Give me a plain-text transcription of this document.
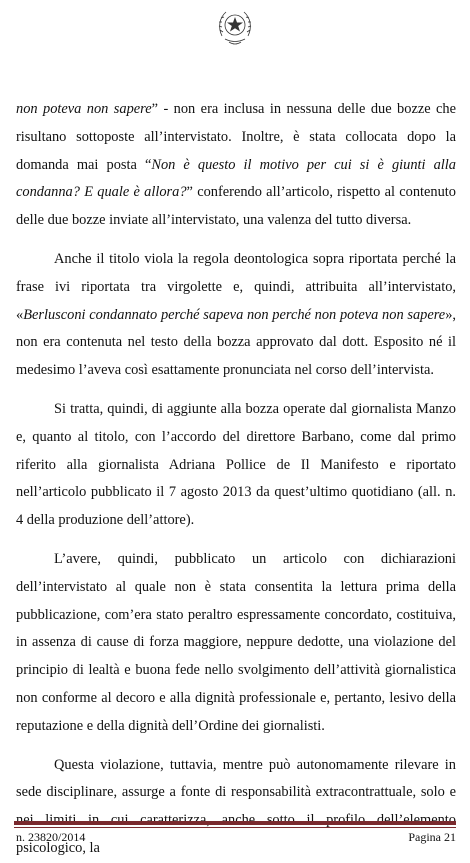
non poteva non sapere” - non era inclusa in nessuna delle due bozze che risultano sottoposte all’intervistato. Inoltre, è stata collocata dopo la domanda mai posta “Non è questo il motivo per cui si è giunti alla condanna? E quale è allora?” conferendo all’articolo, rispetto al contenuto delle due bozze inviate all’intervistato, una valenza del tutto diversa.

Anche il titolo viola la regola deontologica sopra riportata perché la frase ivi riportata tra virgolette e, quindi, attribuita all’intervistato, «Berlusconi condannato perché sapeva non perché non poteva non sapere», non era contenuta nel testo della bozza approvato dal dott. Esposito né il medesimo l’aveva così esattamente pronunciata nel corso dell’intervista.

Si tratta, quindi, di aggiunte alla bozza operate dal giornalista Manzo e, quanto al titolo, con l’accordo del direttore Barbano, come dal primo riferito alla giornalista Adriana Pollice de Il Manifesto e riportato nell’articolo pubblicato il 7 agosto 2013 da quest’ultimo quotidiano (all. n. 4 della produzione dell’attore).

L’avere, quindi, pubblicato un articolo con dichiarazioni dell’intervistato al quale non è stata consentita la lettura prima della pubblicazione, com’era stato peraltro espressamente concordato, costituiva, in assenza di cause di forza maggiore, neppure dedotte, una violazione del principio di lealtà e buona fede nello svolgimento dell’attività giornalistica non conforme al decoro e alla dignità professionale e, pertanto, lesivo della reputazione e della dignità dell’Ordine dei giornalisti.

Questa violazione, tuttavia, mentre può autonomamente rilevare in sede disciplinare, assurge a fonte di responsabilità extracontrattuale, solo e psicologico, la

n. 23820/2014	Pagina 21
